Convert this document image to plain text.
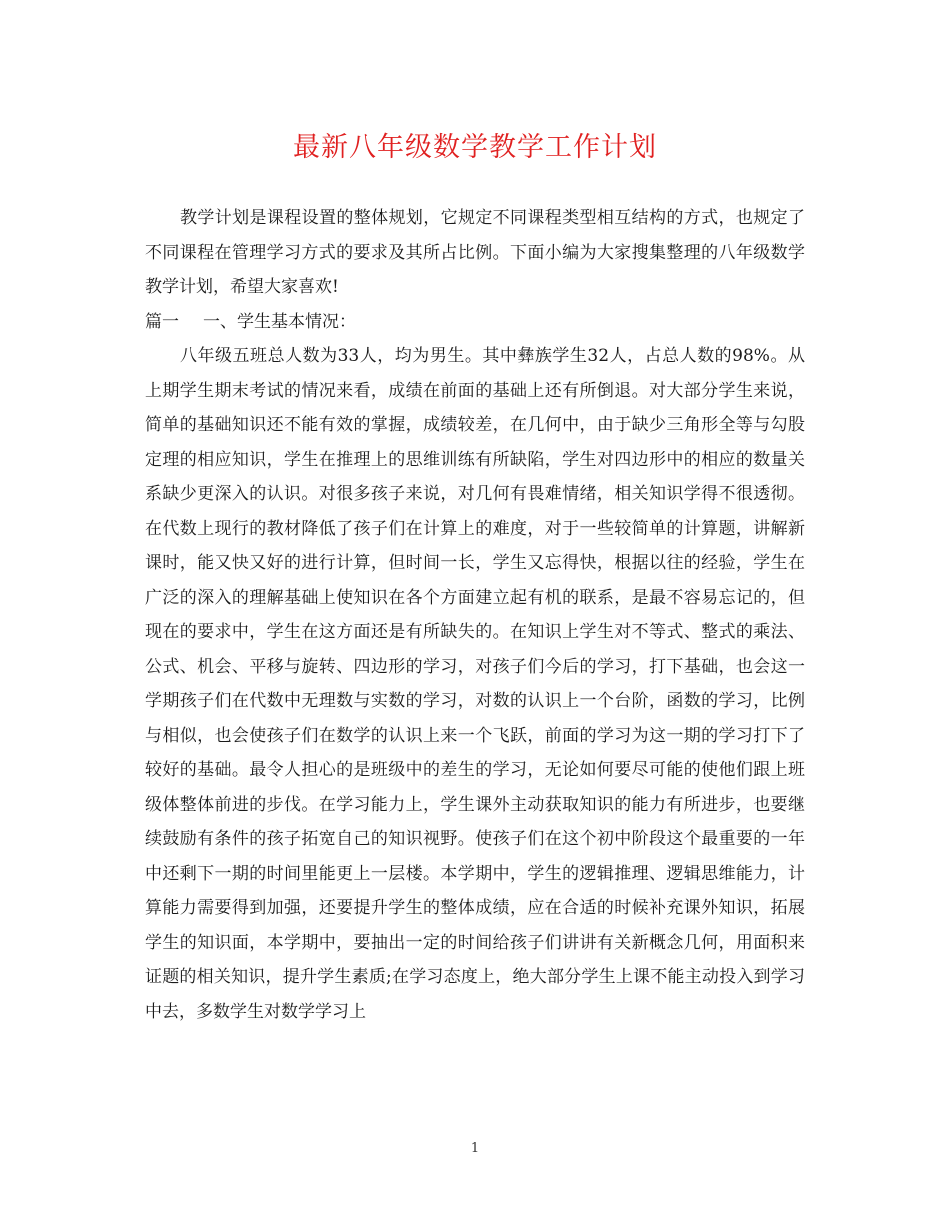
最新八年级数学教学工作计划

教学计划是课程设置的整体规划，它规定不同课程类型相互结构的方式，也规定了不同课程在管理学习方式的要求及其所占比例。下面小编为大家搜集整理的八年级数学教学计划，希望大家喜欢!

篇一 一、学生基本情况：

八年级五班总人数为33人，均为男生。其中彝族学生32人，占总人数的98%。从上期学生期末考试的情况来看，成绩在前面的基础上还有所倒退。对大部分学生来说，简单的基础知识还不能有效的掌握，成绩较差，在几何中，由于缺少三角形全等与勾股定理的相应知识，学生在推理上的思维训练有所缺陷，学生对四边形中的相应的数量关系缺少更深入的认识。对很多孩子来说，对几何有畏难情绪，相关知识学得不很透彻。在代数上现行的教材降低了孩子们在计算上的难度，对于一些较简单的计算题，讲解新课时，能又快又好的进行计算，但时间一长，学生又忘得快，根据以往的经验，学生在广泛的深入的理解基础上使知识在各个方面建立起有机的联系，是最不容易忘记的，但现在的要求中，学生在这方面还是有所缺失的。在知识上学生对不等式、整式的乘法、公式、机会、平移与旋转、四边形的学习，对孩子们今后的学习，打下基础，也会这一学期孩子们在代数中无理数与实数的学习，对数的认识上一个台阶，函数的学习，比例与相似，也会使孩子们在数学的认识上来一个飞跃，前面的学习为这一期的学习打下了较好的基础。最令人担心的是班级中的差生的学习，无论如何要尽可能的使他们跟上班级体整体前进的步伐。在学习能力上，学生课外主动获取知识的能力有所进步，也要继续鼓励有条件的孩子拓宽自己的知识视野。使孩子们在这个初中阶段这个最重要的一年中还剩下一期的时间里能更上一层楼。本学期中，学生的逻辑推理、逻辑思维能力，计算能力需要得到加强，还要提升学生的整体成绩，应在合适的时候补充课外知识，拓展学生的知识面，本学期中，要抽出一定的时间给孩子们讲讲有关新概念几何，用面积来证题的相关知识，提升学生素质;在学习态度上，绝大部分学生上课不能主动投入到学习中去，多数学生对数学学习上

1
